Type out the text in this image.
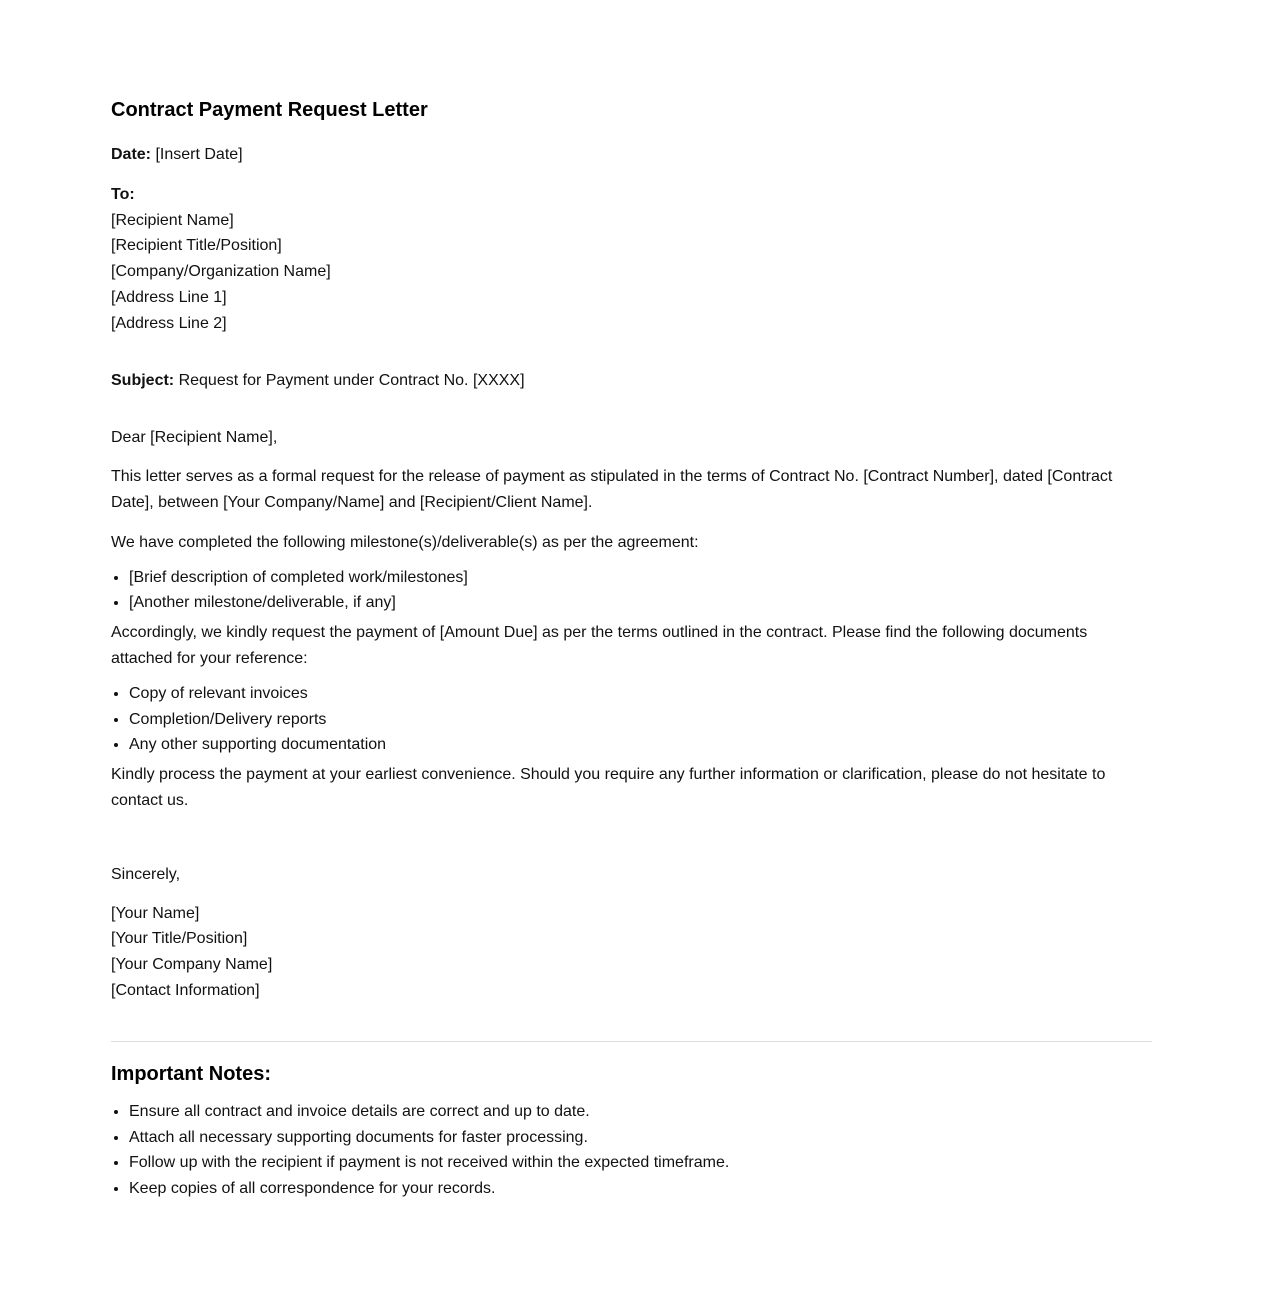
Contract Payment Request Letter

Date: [Insert Date]

To:
[Recipient Name]
[Recipient Title/Position]
[Company/Organization Name]
[Address Line 1]
[Address Line 2]

Subject: Request for Payment under Contract No. [XXXX]

Dear [Recipient Name],

This letter serves as a formal request for the release of payment as stipulated in the terms of Contract No. [Contract Number], dated [Contract Date], between [Your Company/Name] and [Recipient/Client Name].

We have completed the following milestone(s)/deliverable(s) as per the agreement:

• [Brief description of completed work/milestones]
• [Another milestone/deliverable, if any]

Accordingly, we kindly request the payment of [Amount Due] as per the terms outlined in the contract. Please find the following documents attached for your reference:

• Copy of relevant invoices
• Completion/Delivery reports
• Any other supporting documentation

Kindly process the payment at your earliest convenience. Should you require any further information or clarification, please do not hesitate to contact us.

Sincerely,

[Your Name]
[Your Title/Position]
[Your Company Name]
[Contact Information]
Important Notes:
• Ensure all contract and invoice details are correct and up to date.
• Attach all necessary supporting documents for faster processing.
• Follow up with the recipient if payment is not received within the expected timeframe.
• Keep copies of all correspondence for your records.
